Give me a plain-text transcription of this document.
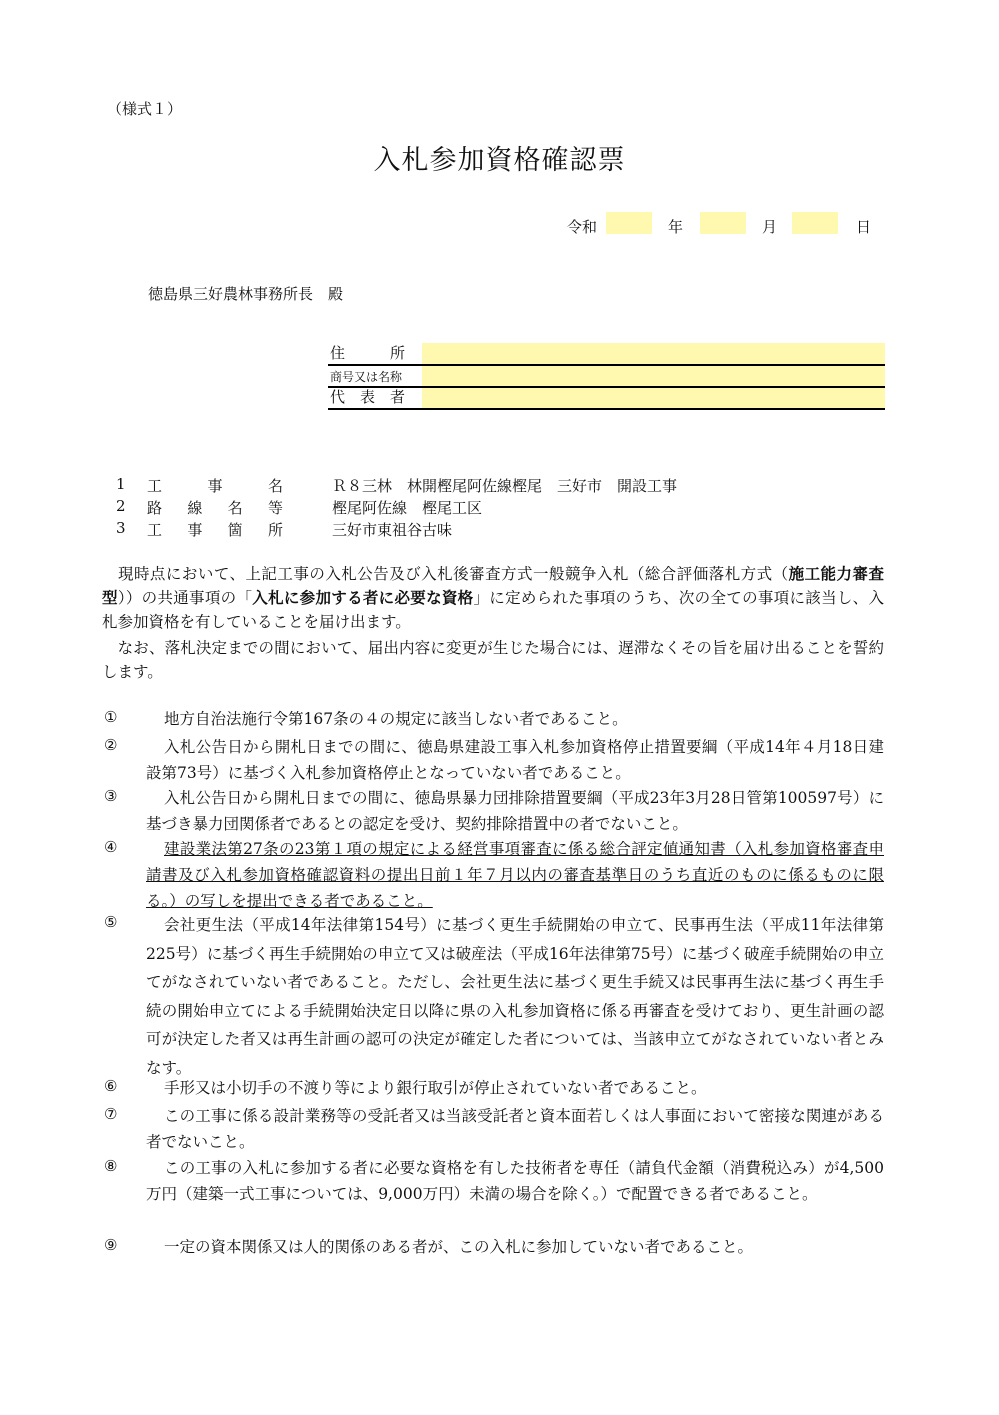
（様式１）
入札参加資格確認票
令和	年	月	日
徳島県三好農林事務所長　殿
住　　　所
商号又は名称
代　表　者
1 工	事	名	Ｒ８三林　林開樫尾阿佐線樫尾　三好市　開設工事
2 路 線 名 等	樫尾阿佐線　樫尾工区
3 工 事 箇 所	三好市東祖谷古味
　現時点において、上記工事の入札公告及び入札後審査方式一般競争入札（総合評価落札方式（施工能力審査型））の共通事項の「入札に参加する者に必要な資格」に定められた事項のうち、次の全ての事項に該当し、入札参加資格を有していることを届け出ます。
　なお、落札決定までの間において、届出内容に変更が生じた場合には、遅滞なくその旨を届け出ることを誓約します。
①	地方自治法施行令第167条の４の規定に該当しない者であること。
②	入札公告日から開札日までの間に、徳島県建設工事入札参加資格停止措置要綱（平成14年４月18日建設第73号）に基づく入札参加資格停止となっていない者であること。
③	入札公告日から開札日までの間に、徳島県暴力団排除措置要綱（平成23年3月28日管第100597号）に基づき暴力団関係者であるとの認定を受け、契約排除措置中の者でないこと。
④	建設業法第27条の23第１項の規定による経営事項審査に係る総合評定値通知書（入札参加資格審査申請書及び入札参加資格確認資料の提出日前１年７月以内の審査基準日のうち直近のものに係るものに限る。）の写しを提出できる者であること。
⑤	会社更生法（平成14年法律第154号）に基づく更生手続開始の申立て、民事再生法（平成11年法律第225号）に基づく再生手続開始の申立て又は破産法（平成16年法律第75号）に基づく破産手続開始の申立てがなされていない者であること。ただし、会社更生法に基づく更生手続又は民事再生法に基づく再生手続の開始申立てによる手続開始決定日以降に県の入札参加資格に係る再審査を受けており、更生計画の認可が決定した者又は再生計画の認可の決定が確定した者については、当該申立てがなされていない者とみなす。
⑥	手形又は小切手の不渡り等により銀行取引が停止されていない者であること。
⑦	この工事に係る設計業務等の受託者又は当該受託者と資本面若しくは人事面において密接な関連がある者でないこと。
⑧	この工事の入札に参加する者に必要な資格を有した技術者を専任（請負代金額（消費税込み）が4,500万円（建築一式工事については、9,000万円）未満の場合を除く。）で配置できる者であること。
⑨	一定の資本関係又は人的関係のある者が、この入札に参加していない者であること。
